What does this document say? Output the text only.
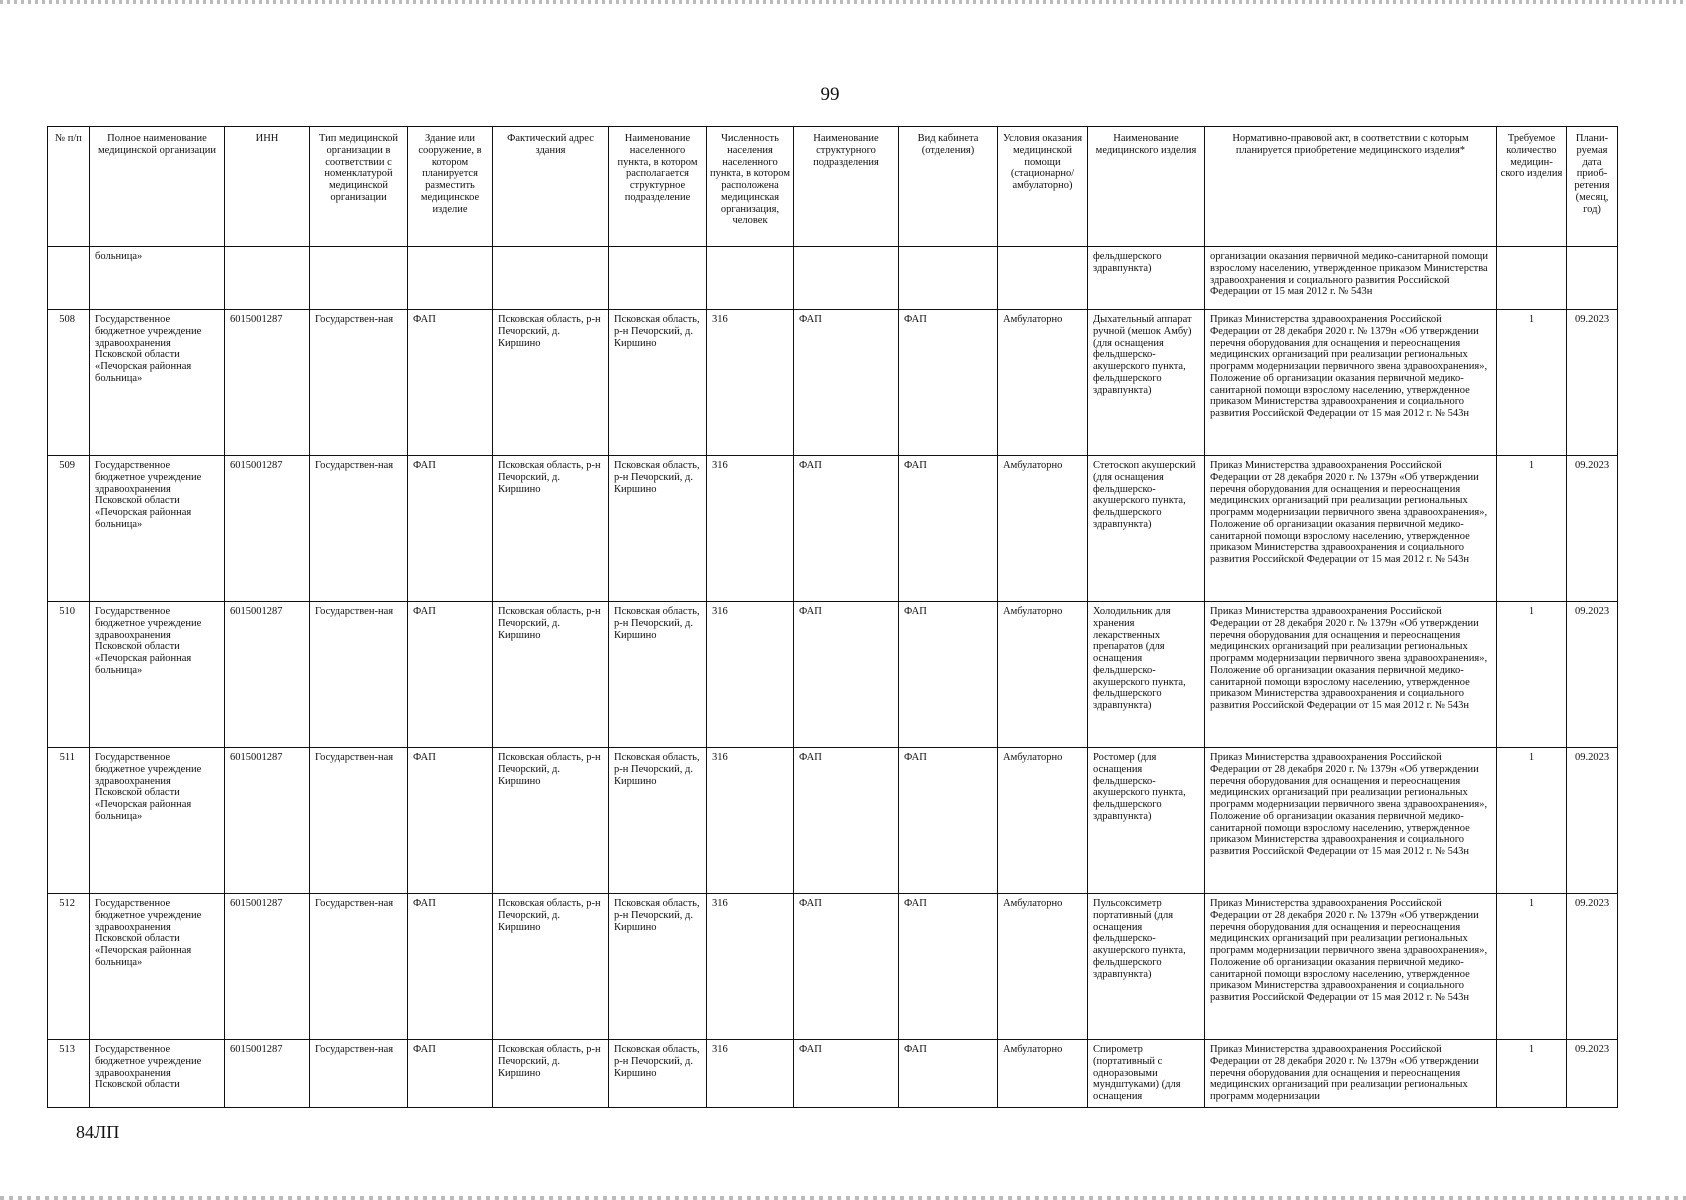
99
№ п/п	Полное наименование медицинской организации	ИНН	Тип медицинской организации в соответствии с номенклатурой медицинской организации	Здание или сооружение, в котором планируется разместить медицинское изделие	Фактический адрес здания	Наименование населенного пункта, в котором располагается структурное подразделение	Численность населения населенного пункта, в котором расположена медицинская организация, человек	Наименование структурного подразделения	Вид кабинета (отделения)	Условия оказания медицинской помощи (стационарно/ амбулаторно)	Наименование медицинского изделия	Нормативно-правовой акт, в соответствии с которым планируется приобретение медицинского изделия*	Требуемое количество медицин-ского изделия	Плани-руемая дата приоб-ретения (месяц, год)
	больница»										фельдшерского здравпункта)	организации оказания первичной медико-санитарной помощи взрослому населению, утвержденное приказом Министерства здравоохранения и социального развития Российской Федерации от 15 мая 2012 г. № 543н		
508	Государственное бюджетное учреждение здравоохранения Псковской области «Печорская районная больница»	6015001287	Государствен-ная	ФАП	Псковская область, р-н Печорский, д. Киршино	Псковская область, р-н Печорский, д. Киршино	316	ФАП	ФАП	Амбулаторно	Дыхательный аппарат ручной (мешок Амбу) (для оснащения фельдшерско-акушерского пункта, фельдшерского здравпункта)	Приказ Министерства здравоохранения Российской Федерации от 28 декабря 2020 г. № 1379н «Об утверждении перечня оборудования для оснащения и переоснащения медицинских организаций при реализации региональных программ модернизации первичного звена здравоохранения», Положение об организации оказания первичной медико-санитарной помощи взрослому населению, утвержденное приказом Министерства здравоохранения и социального развития Российской Федерации от 15 мая 2012 г. № 543н	1	09.2023
509	Государственное бюджетное учреждение здравоохранения Псковской области «Печорская районная больница»	6015001287	Государствен-ная	ФАП	Псковская область, р-н Печорский, д. Киршино	Псковская область, р-н Печорский, д. Киршино	316	ФАП	ФАП	Амбулаторно	Стетоскоп акушерский (для оснащения фельдшерско-акушерского пункта, фельдшерского здравпункта)	Приказ Министерства здравоохранения Российской Федерации от 28 декабря 2020 г. № 1379н «Об утверждении перечня оборудования для оснащения и переоснащения медицинских организаций при реализации региональных программ модернизации первичного звена здравоохранения», Положение об организации оказания первичной медико-санитарной помощи взрослому населению, утвержденное приказом Министерства здравоохранения и социального развития Российской Федерации от 15 мая 2012 г. № 543н	1	09.2023
510	Государственное бюджетное учреждение здравоохранения Псковской области «Печорская районная больница»	6015001287	Государствен-ная	ФАП	Псковская область, р-н Печорский, д. Киршино	Псковская область, р-н Печорский, д. Киршино	316	ФАП	ФАП	Амбулаторно	Холодильник для хранения лекарственных препаратов (для оснащения фельдшерско-акушерского пункта, фельдшерского здравпункта)	Приказ Министерства здравоохранения Российской Федерации от 28 декабря 2020 г. № 1379н «Об утверждении перечня оборудования для оснащения и переоснащения медицинских организаций при реализации региональных программ модернизации первичного звена здравоохранения», Положение об организации оказания первичной медико-санитарной помощи взрослому населению, утвержденное приказом Министерства здравоохранения и социального развития Российской Федерации от 15 мая 2012 г. № 543н	1	09.2023
511	Государственное бюджетное учреждение здравоохранения Псковской области «Печорская районная больница»	6015001287	Государствен-ная	ФАП	Псковская область, р-н Печорский, д. Киршино	Псковская область, р-н Печорский, д. Киршино	316	ФАП	ФАП	Амбулаторно	Ростомер (для оснащения фельдшерско-акушерского пункта, фельдшерского здравпункта)	Приказ Министерства здравоохранения Российской Федерации от 28 декабря 2020 г. № 1379н «Об утверждении перечня оборудования для оснащения и переоснащения медицинских организаций при реализации региональных программ модернизации первичного звена здравоохранения», Положение об организации оказания первичной медико-санитарной помощи взрослому населению, утвержденное приказом Министерства здравоохранения и социального развития Российской Федерации от 15 мая 2012 г. № 543н	1	09.2023
512	Государственное бюджетное учреждение здравоохранения Псковской области «Печорская районная больница»	6015001287	Государствен-ная	ФАП	Псковская область, р-н Печорский, д. Киршино	Псковская область, р-н Печорский, д. Киршино	316	ФАП	ФАП	Амбулаторно	Пульсоксиметр портативный (для оснащения фельдшерско-акушерского пункта, фельдшерского здравпункта)	Приказ Министерства здравоохранения Российской Федерации от 28 декабря 2020 г. № 1379н «Об утверждении перечня оборудования для оснащения и переоснащения медицинских организаций при реализации региональных программ модернизации первичного звена здравоохранения», Положение об организации оказания первичной медико-санитарной помощи взрослому населению, утвержденное приказом Министерства здравоохранения и социального развития Российской Федерации от 15 мая 2012 г. № 543н	1	09.2023
513	Государственное бюджетное учреждение здравоохранения Псковской области	6015001287	Государствен-ная	ФАП	Псковская область, р-н Печорский, д. Киршино	Псковская область, р-н Печорский, д. Киршино	316	ФАП	ФАП	Амбулаторно	Спирометр (портативный с одноразовыми мундштуками) (для оснащения	Приказ Министерства здравоохранения Российской Федерации от 28 декабря 2020 г. № 1379н «Об утверждении перечня оборудования для оснащения и переоснащения медицинских организаций при реализации региональных программ модернизации	1	09.2023
84ЛП
